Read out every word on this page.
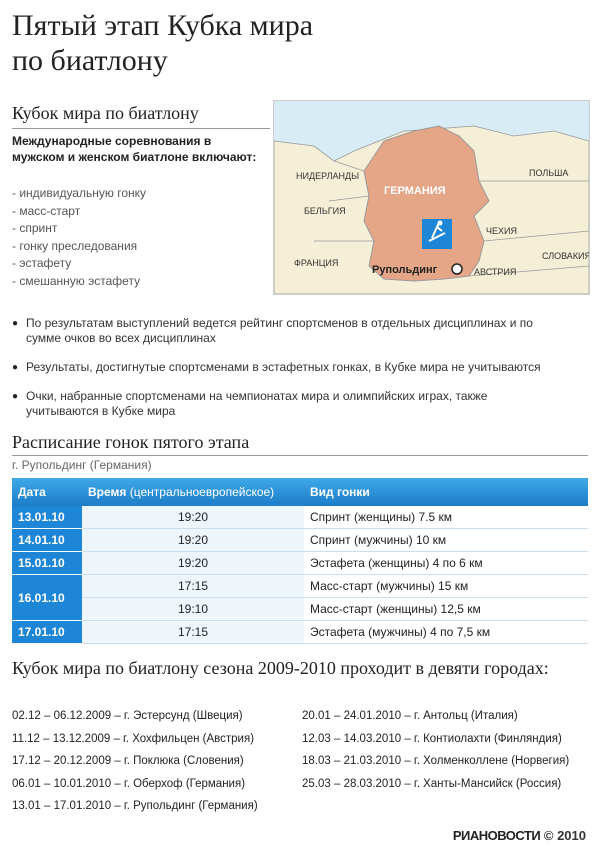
Пятый этап Кубка мира
по биатлону
Кубок мира по биатлону
Международные соревнования в мужском и женском биатлоне включают:
- индивидуальную гонку
- масс-старт
- спринт
- гонку преследования
- эстафету
- смешанную эстафету
НИДЕРЛАНДЫ
БЕЛЬГИЯ
ФРАНЦИЯ
ГЕРМАНИЯ
ПОЛЬША
ЧЕХИЯ
СЛОВАКИЯ
АВСТРИЯ
Рупольдинг
● По результатам выступлений ведется рейтинг спортсменов в отдельных дисциплинах и по сумме очков во всех дисциплинах
● Результаты, достигнутые спортсменами в эстафетных гонках, в Кубке мира не учитываются
● Очки, набранные спортсменами на чемпионатах мира и олимпийских играх, также учитываются в Кубке мира
Расписание гонок пятого этапа
г. Рупольдинг (Германия)
Дата	Время (центральноевропейское)	Вид гонки
13.01.10	19:20	Спринт (женщины) 7.5 км
14.01.10	19:20	Спринт (мужчины) 10 км
15.01.10	19:20	Эстафета (женщины) 4 по 6 км
16.01.10	17:15	Масс-старт (мужчины) 15 км
	19:10	Масс-старт (женщины) 12,5 км
17.01.10	17:15	Эстафета (мужчины) 4 по 7,5 км
Кубок мира по биатлону сезона 2009-2010 проходит в девяти городах:
02.12 – 06.12.2009 – г. Эстерсунд (Швеция)
11.12 – 13.12.2009 – г. Хохфильцен (Австрия)
17.12 – 20.12.2009 – г. Поклюка (Словения)
06.01 – 10.01.2010 – г. Оберхоф (Германия)
13.01 – 17.01.2010 – г. Рупольдинг (Германия)
20.01 – 24.01.2010 – г. Антольц (Италия)
12.03 – 14.03.2010 – г. Контиолахти (Финляндия)
18.03 – 21.03.2010 – г. Холменколлене (Норвегия)
25.03 – 28.03.2010 – г. Ханты-Мансийск (Россия)
РИАНОВОСТИ © 2010
